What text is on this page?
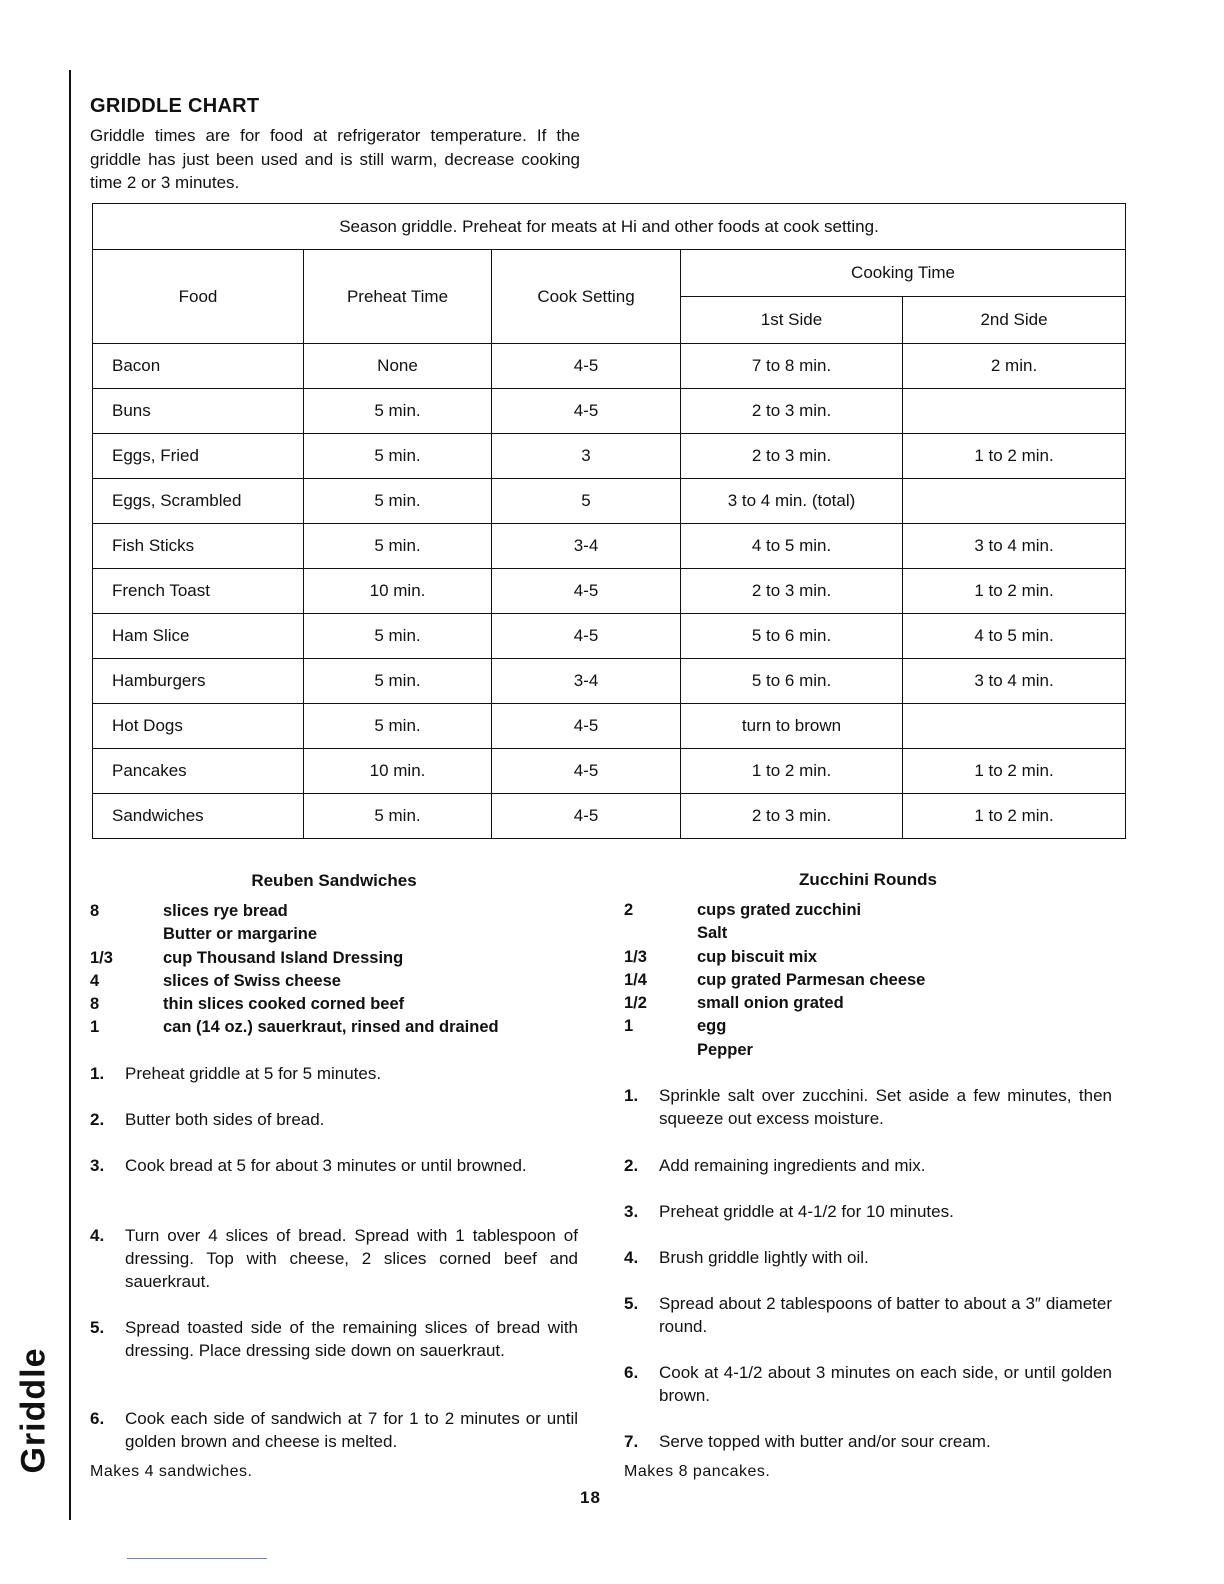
Griddle
GRIDDLE CHART
Griddle times are for food at refrigerator temperature. If the griddle has just been used and is still warm, decrease cooking time 2 or 3 minutes.
Season griddle. Preheat for meats at Hi and other foods at cook setting.				
Food	Preheat Time	Cook Setting	Cooking Time	
			1st Side	2nd Side
Bacon	None	4-5	7 to 8 min.	2 min.
Buns	5 min.	4-5	2 to 3 min.	
Eggs, Fried	5 min.	3	2 to 3 min.	1 to 2 min.
Eggs, Scrambled	5 min.	5	3 to 4 min. (total)	
Fish Sticks	5 min.	3-4	4 to 5 min.	3 to 4 min.
French Toast	10 min.	4-5	2 to 3 min.	1 to 2 min.
Ham Slice	5 min.	4-5	5 to 6 min.	4 to 5 min.
Hamburgers	5 min.	3-4	5 to 6 min.	3 to 4 min.
Hot Dogs	5 min.	4-5	turn to brown	
Pancakes	10 min.	4-5	1 to 2 min.	1 to 2 min.
Sandwiches	5 min.	4-5	2 to 3 min.	1 to 2 min.
Reuben Sandwiches
8	slices rye bread
Butter or margarine
1/3	cup Thousand Island Dressing
4	slices of Swiss cheese
8	thin slices cooked corned beef
1	can (14 oz.) sauerkraut, rinsed and drained
Zucchini Rounds
2	cups grated zucchini
Salt
1/3	cup biscuit mix
1/4	cup grated Parmesan cheese
1/2	small onion grated
1	egg
Pepper
1.	Preheat griddle at 5 for 5 minutes.
2.	Butter both sides of bread.
3.	Cook bread at 5 for about 3 minutes or until browned.
4.	Turn over 4 slices of bread. Spread with 1 tablespoon of dressing. Top with cheese, 2 slices corned beef and sauerkraut.
5.	Spread toasted side of the remaining slices of bread with dressing. Place dressing side down on sauerkraut.
6.	Cook each side of sandwich at 7 for 1 to 2 minutes or until golden brown and cheese is melted.
1.	Sprinkle salt over zucchini. Set aside a few minutes, then squeeze out excess moisture.
2.	Add remaining ingredients and mix.
3.	Preheat griddle at 4-1/2 for 10 minutes.
4.	Brush griddle lightly with oil.
5.	Spread about 2 tablespoons of batter to about a 3″ diameter round.
6.	Cook at 4-1/2 about 3 minutes on each side, or until golden brown.
7.	Serve topped with butter and/or sour cream.
Makes 4 sandwiches.	Makes 8 pancakes.
18
